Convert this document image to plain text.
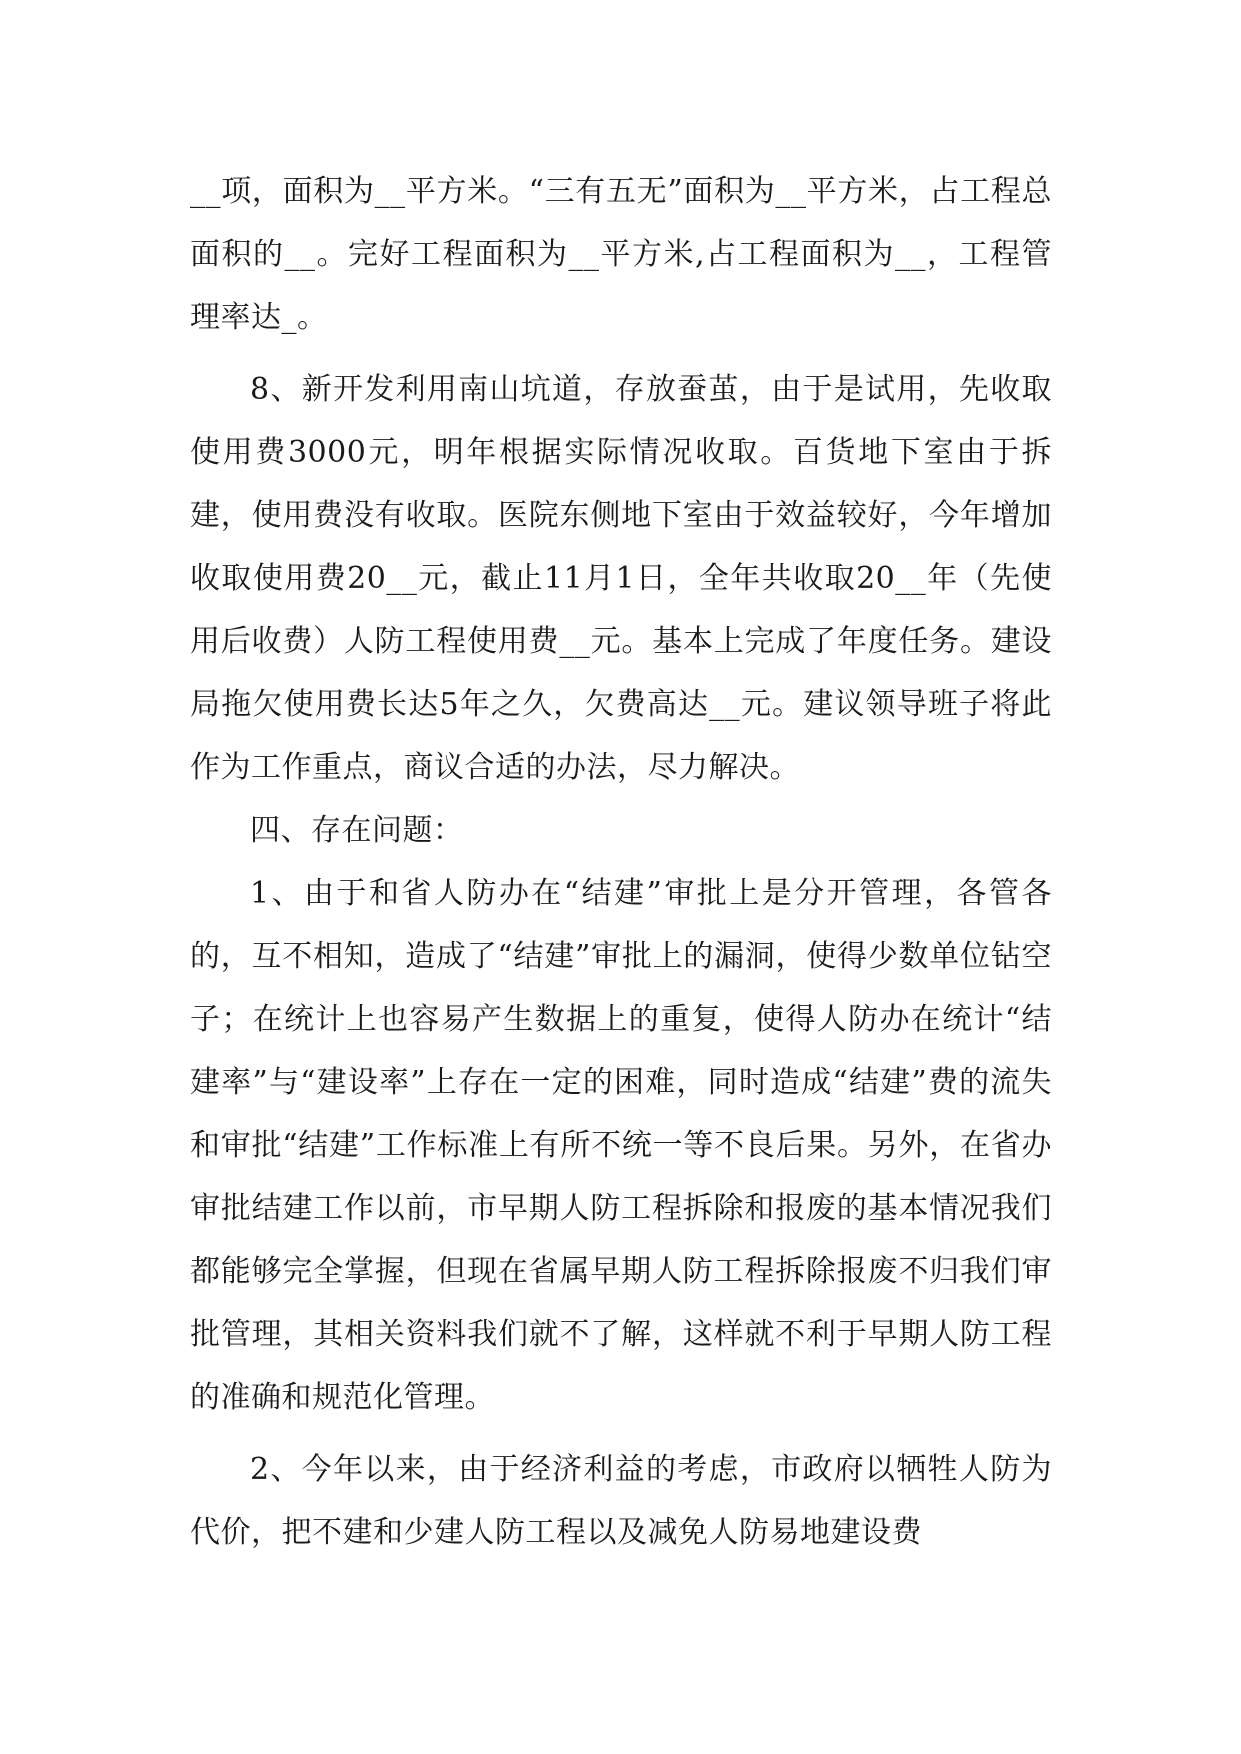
__项，面积为__平方米。“三有五无”面积为__平方米，占工程总面积的__。完好工程面积为__平方米,占工程面积为__，工程管理率达_。

8、新开发利用南山坑道，存放蚕茧，由于是试用，先收取使用费3000元，明年根据实际情况收取。百货地下室由于拆建，使用费没有收取。医院东侧地下室由于效益较好，今年增加收取使用费20__元，截止11月1日，全年共收取20__年（先使用后收费）人防工程使用费__元。基本上完成了年度任务。建设局拖欠使用费长达5年之久，欠费高达__元。建议领导班子将此作为工作重点，商议合适的办法，尽力解决。

四、存在问题：

1、由于和省人防办在“结建”审批上是分开管理，各管各的，互不相知，造成了“结建”审批上的漏洞，使得少数单位钻空子；在统计上也容易产生数据上的重复，使得人防办在统计“结建率”与“建设率”上存在一定的困难，同时造成“结建”费的流失和审批“结建”工作标准上有所不统一等不良后果。另外，在省办审批结建工作以前，市早期人防工程拆除和报废的基本情况我们都能够完全掌握，但现在省属早期人防工程拆除报废不归我们审批管理，其相关资料我们就不了解，这样就不利于早期人防工程的准确和规范化管理。

2、今年以来，由于经济利益的考虑，市政府以牺牲人防为代价，把不建和少建人防工程以及减免人防易地建设费
